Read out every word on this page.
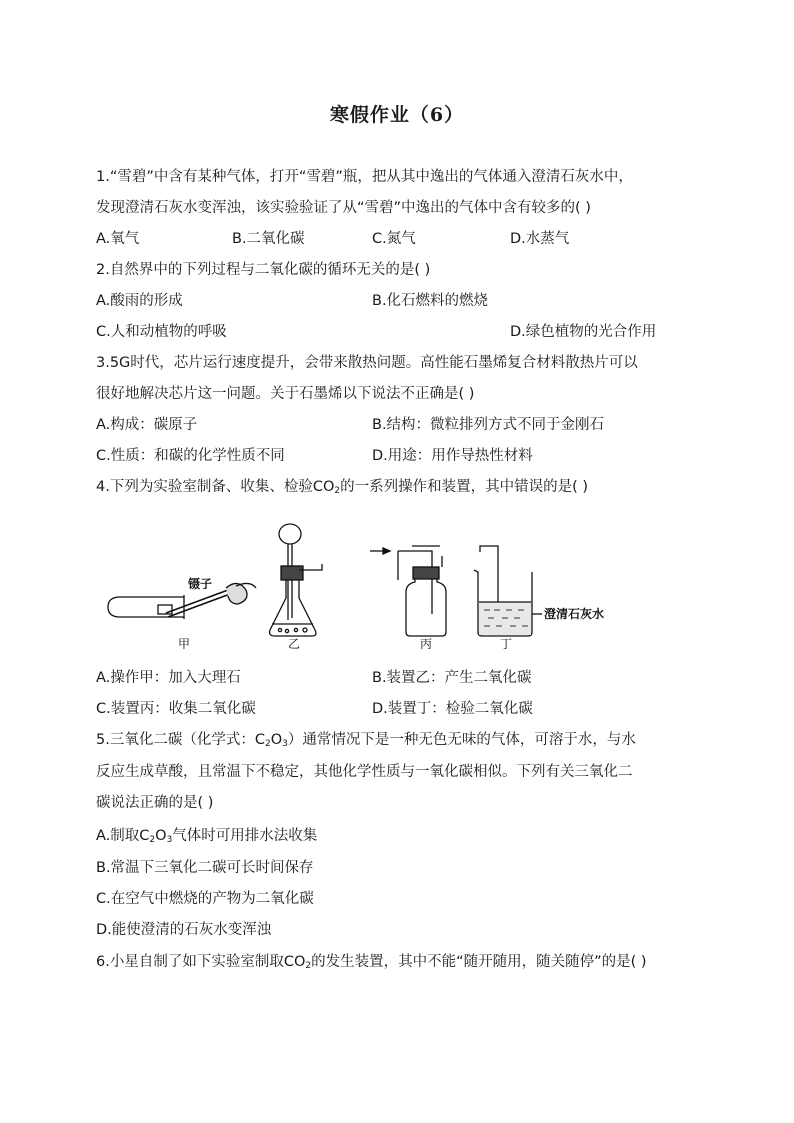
寒假作业（6）
1.“雪碧”中含有某种气体，打开“雪碧”瓶，把从其中逸出的气体通入澄清石灰水中，
发现澄清石灰水变浑浊，该实验验证了从“雪碧”中逸出的气体中含有较多的( )
A.氧气	B.二氧化碳	C.氮气	D.水蒸气
2.自然界中的下列过程与二氧化碳的循环无关的是( )
A.酸雨的形成	B.化石燃料的燃烧
C.人和动植物的呼吸	D.绿色植物的光合作用
3.5G时代，芯片运行速度提升，会带来散热问题。高性能石墨烯复合材料散热片可以
很好地解决芯片这一问题。关于石墨烯以下说法不正确是( )
A.构成：碳原子	B.结构：微粒排列方式不同于金刚石
C.性质：和碳的化学性质不同	D.用途：用作导热性材料
4.下列为实验室制备、收集、检验$CO_2$的一系列操作和装置，其中错误的是( )
镊子
甲	乙	丙
澄清石灰水
丁
A.操作甲：加入大理石	B.装置乙：产生二氧化碳
C.装置丙：收集二氧化碳	D.装置丁：检验二氧化碳
5.三氧化二碳（化学式：$C_2O_3$）通常情况下是一种无色无味的气体，可溶于水，与水
反应生成草酸，且常温下不稳定，其他化学性质与一氧化碳相似。下列有关三氧化二
碳说法正确的是( )
A.制取$C_2O_3$气体时可用排水法收集
B.常温下三氧化二碳可长时间保存
C.在空气中燃烧的产物为二氧化碳
D.能使澄清的石灰水变浑浊
6.小星自制了如下实验室制取$CO_2$的发生装置，其中不能“随开随用，随关随停”的是( )
